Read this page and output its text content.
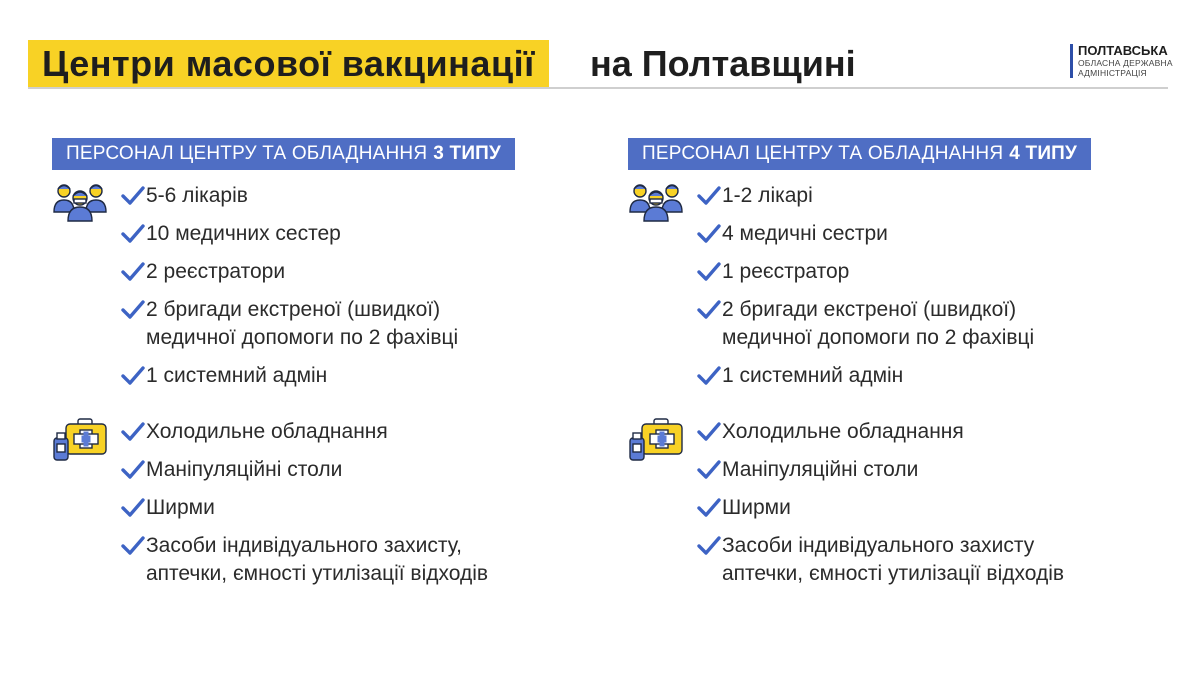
Центри масової вакцинації	на Полтавщині	ПОЛТАВСЬКА
ОБЛАСНА ДЕРЖАВНА
АДМІНІСТРАЦІЯ
ПЕРСОНАЛ ЦЕНТРУ ТА ОБЛАДНАННЯ 3 ТИПУ
5-6 лікарів
10 медичних сестер
2 реєстратори
2 бригади екстреної (швидкої)
медичної допомоги по 2 фахівці
1 системний адмін
Холодильне обладнання
Маніпуляційні столи
Ширми
Засоби індивідуального захисту,
аптечки, ємності утилізації відходів
ПЕРСОНАЛ ЦЕНТРУ ТА ОБЛАДНАННЯ 4 ТИПУ
1-2 лікарі
4 медичні сестри
1 реєстратор
2 бригади екстреної (швидкої)
медичної допомоги по 2 фахівці
1 системний адмін
Холодильне обладнання
Маніпуляційні столи
Ширми
Засоби індивідуального захисту
аптечки, ємності утилізації відходів
